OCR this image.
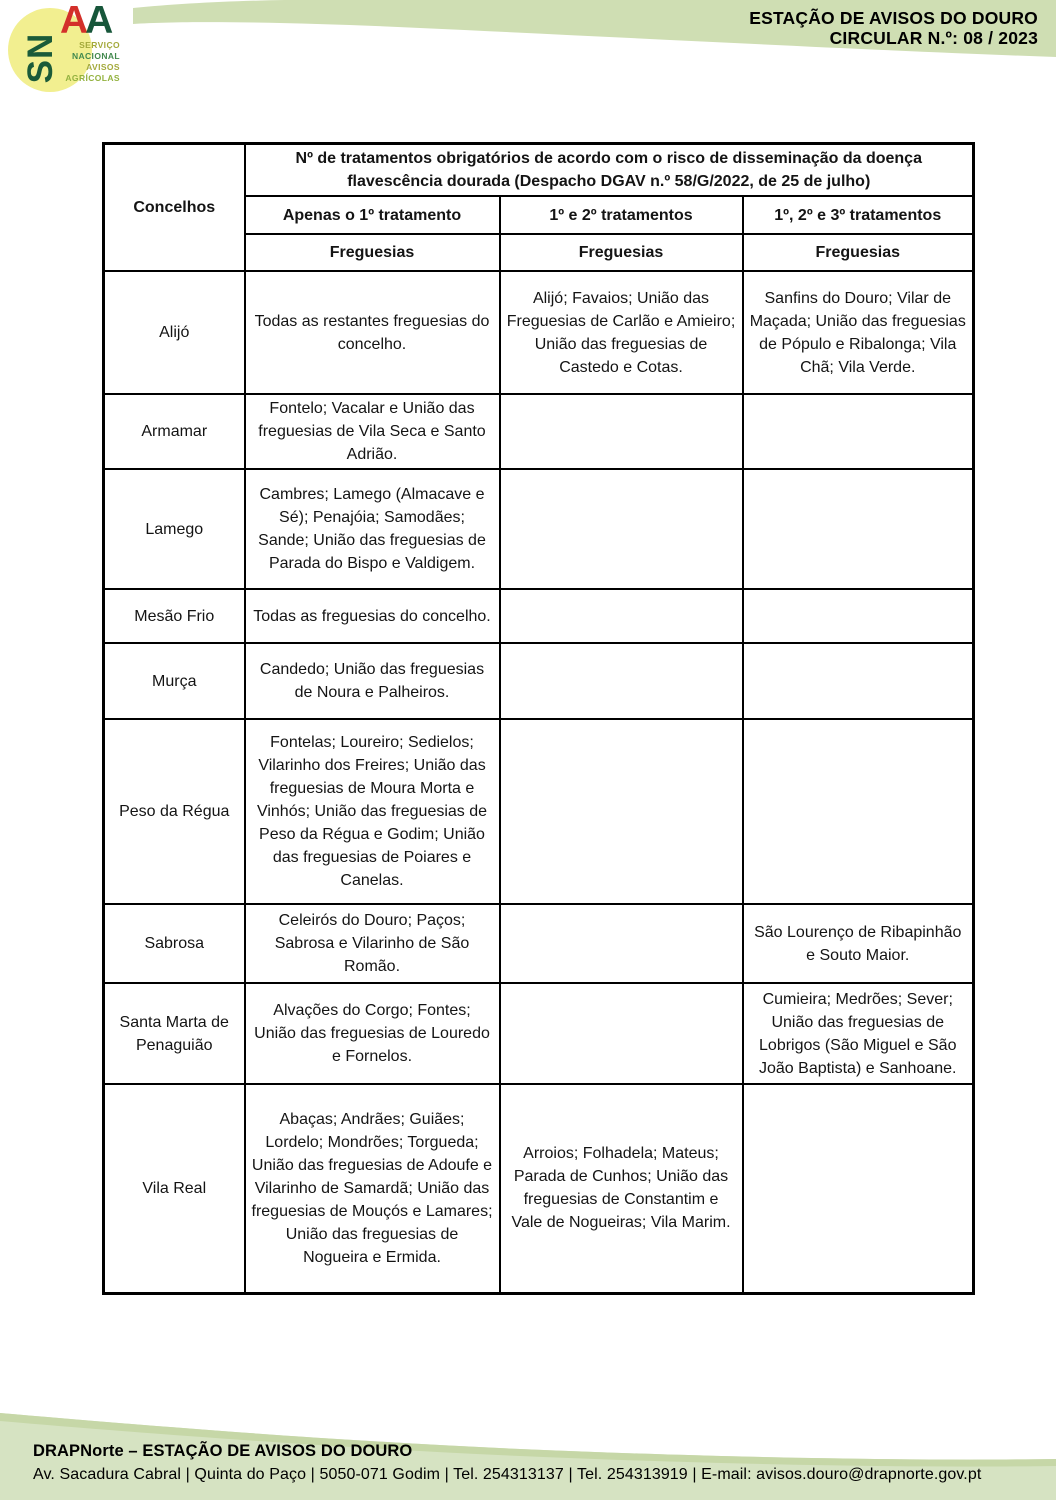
SN
AA
SERVIÇO
NACIONAL
AVISOS
AGRÍCOLAS
ESTAÇÃO DE AVISOS DO DOURO
CIRCULAR N.º: 08 / 2023
Concelhos	Nº de tratamentos obrigatórios de acordo com o risco de disseminação da doença flavescência dourada (Despacho DGAV n.º 58/G/2022, de 25 de julho)		
	Apenas o 1º tratamento	1º e 2º tratamentos	1º, 2º e 3º tratamentos
	Freguesias	Freguesias	Freguesias
Alijó	Todas as restantes freguesias do concelho.	Alijó; Favaios; União das Freguesias de Carlão e Amieiro; União das freguesias de Castedo e Cotas.	Sanfins do Douro; Vilar de Maçada; União das freguesias de Pópulo e Ribalonga; Vila Chã; Vila Verde.
Armamar	Fontelo; Vacalar e União das freguesias de Vila Seca e Santo Adrião.		
Lamego	Cambres; Lamego (Almacave e Sé); Penajóia; Samodães; Sande; União das freguesias de Parada do Bispo e Valdigem.		
Mesão Frio	Todas as freguesias do concelho.		
Murça	Candedo; União das freguesias de Noura e Palheiros.		
Peso da Régua	Fontelas; Loureiro; Sedielos; Vilarinho dos Freires; União das freguesias de Moura Morta e Vinhós; União das freguesias de Peso da Régua e Godim; União das freguesias de Poiares e Canelas.		
Sabrosa	Celeirós do Douro; Paços; Sabrosa e Vilarinho de São Romão.		São Lourenço de Ribapinhão e Souto Maior.
Santa Marta de Penaguião	Alvações do Corgo; Fontes; União das freguesias de Louredo e Fornelos.		Cumieira; Medrões; Sever; União das freguesias de Lobrigos (São Miguel e São João Baptista) e Sanhoane.
Vila Real	Abaças; Andrães; Guiães; Lordelo; Mondrões; Torgueda; União das freguesias de Adoufe e Vilarinho de Samardã; União das freguesias de Mouçós e Lamares; União das freguesias de Nogueira e Ermida.	Arroios; Folhadela; Mateus; Parada de Cunhos; União das freguesias de Constantim e Vale de Nogueiras; Vila Marim.	
DRAPNorte – ESTAÇÃO DE AVISOS DO DOURO
Av. Sacadura Cabral | Quinta do Paço | 5050-071 Godim | Tel. 254313137 | Tel. 254313919 | E-mail: avisos.douro@drapnorte.gov.pt
